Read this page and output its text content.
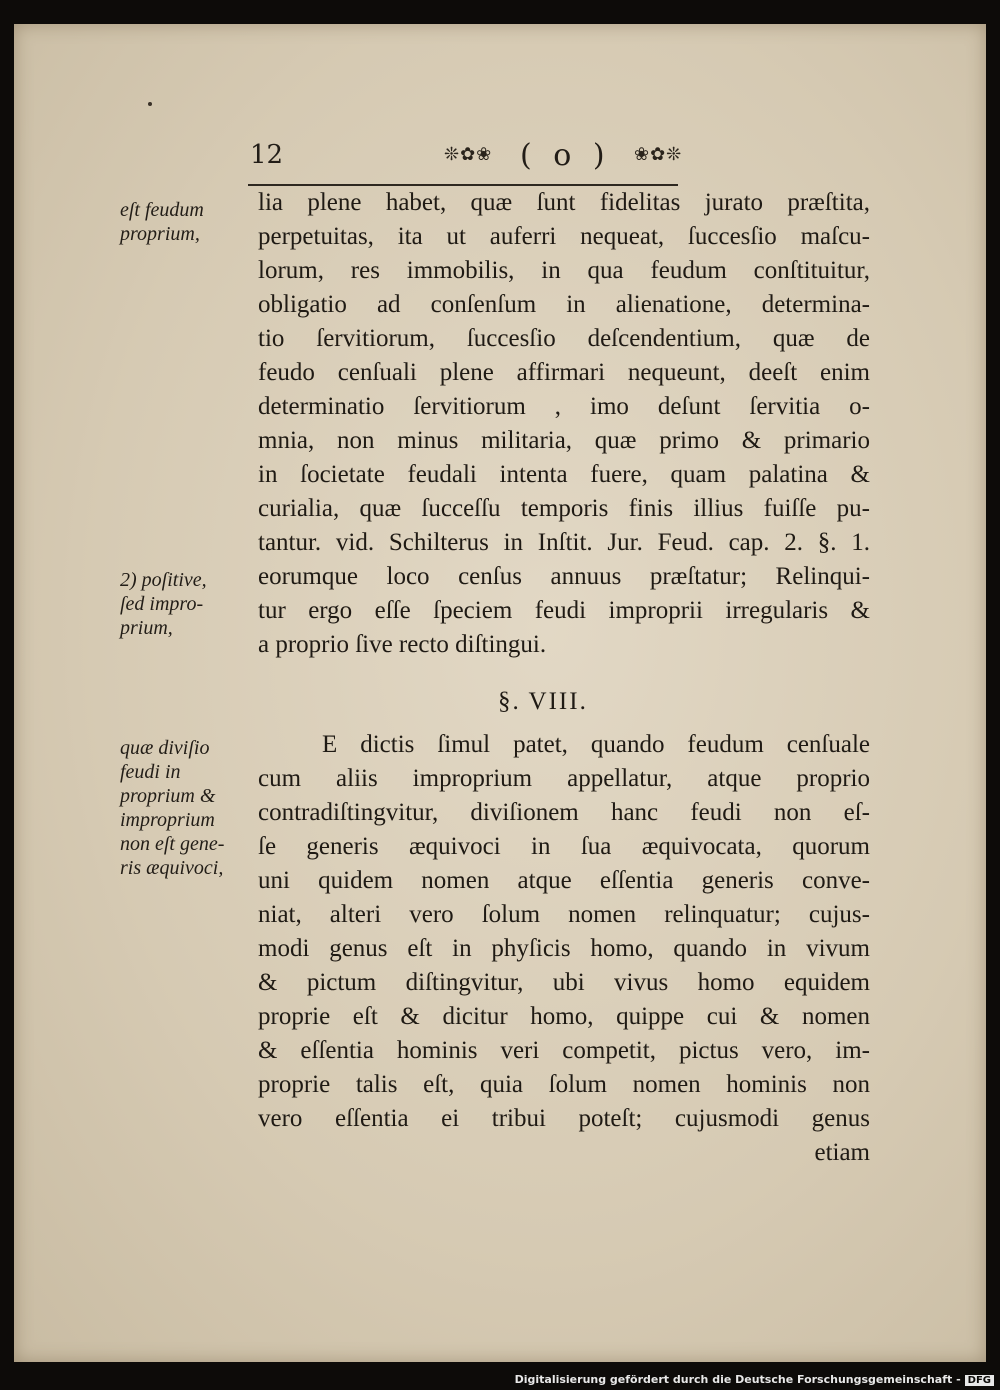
12	❊✿❀ ( o ) ❀✿❊
eſt feudum
proprium,
2) poſitive,
ſed impro-
prium,
quæ diviſio
feudi in
proprium &
improprium
non eſt gene-
ris æquivoci,
lia plene habet, quæ ſunt fidelitas jurato præſtita,
perpetuitas, ita ut auferri nequeat, ſuccesſio maſcu-
lorum, res immobilis, in qua feudum conſtituitur,
obligatio ad conſenſum in alienatione, determina-
tio ſervitiorum, ſuccesſio deſcendentium, quæ de
feudo cenſuali plene affirmari nequeunt, deeſt enim
determinatio ſervitiorum , imo deſunt ſervitia o-
mnia, non minus militaria, quæ primo & primario
in ſocietate feudali intenta fuere, quam palatina &
curialia, quæ ſucceſſu temporis finis illius fuiſſe pu-
tantur. vid. Schilterus in Inſtit. Jur. Feud. cap. 2. §. 1.
eorumque loco cenſus annuus præſtatur; Relinqui-
tur ergo eſſe ſpeciem feudi improprii irregularis &
a proprio ſive recto diſtingui.
§. VIII.
E dictis ſimul patet, quando feudum cenſuale
cum aliis improprium appellatur, atque proprio
contradiſtingvitur, diviſionem hanc feudi non eſ-
ſe generis æquivoci in ſua æquivocata, quorum
uni quidem nomen atque eſſentia generis conve-
niat, alteri vero ſolum nomen relinquatur; cujus-
modi genus eſt in phyſicis homo, quando in vivum
& pictum diſtingvitur, ubi vivus homo equidem
proprie eſt & dicitur homo, quippe cui & nomen
& eſſentia hominis veri competit, pictus vero, im-
proprie talis eſt, quia ſolum nomen hominis non
vero eſſentia ei tribui poteſt; cujusmodi genus
etiam
Digitalisierung gefördert durch die Deutsche Forschungsgemeinschaft - DFG
